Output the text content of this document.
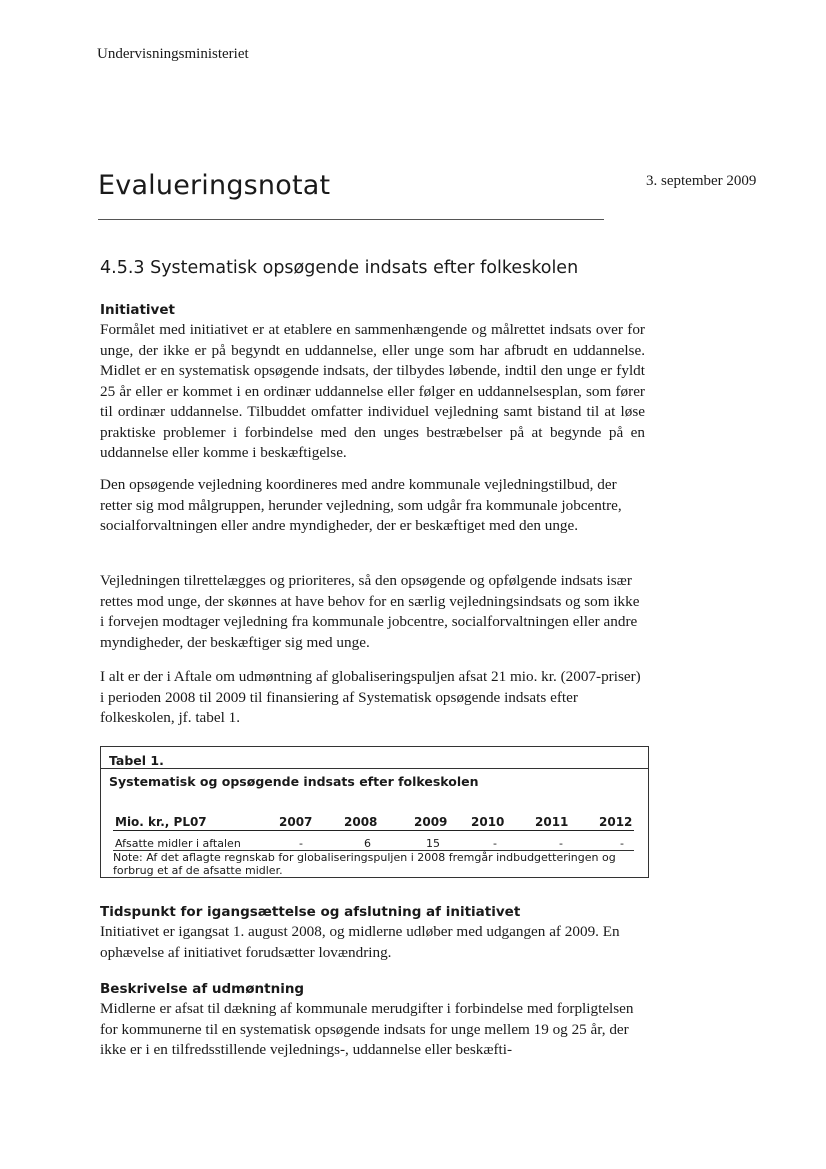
Undervisningsministeriet
Evalueringsnotat	3. september 2009
4.5.3 Systematisk opsøgende indsats efter folkeskolen
Initiativet

Formålet med initiativet er at etablere en sammenhængende og målrettet indsats over for unge, der ikke er på begyndt en uddannelse, eller unge som har afbrudt en uddannelse. Midlet er en systematisk opsøgende indsats, der tilbydes løbende, indtil den unge er fyldt 25 år eller er kommet i en ordinær uddannelse eller følger en uddannelsesplan, som fører til ordinær uddannelse. Tilbuddet omfatter individuel vejledning samt bistand til at løse praktiske problemer i forbindelse med den unges bestræbelser på at begynde på en uddannelse eller komme i beskæftigelse.

Den opsøgende vejledning koordineres med andre kommunale vejledningstilbud, der retter sig mod målgruppen, herunder vejledning, som udgår fra kommunale jobcentre, socialforvaltningen eller andre myndigheder, der er beskæftiget med den unge.

Vejledningen tilrettelægges og prioriteres, så den opsøgende og opfølgende indsats især rettes mod unge, der skønnes at have behov for en særlig vejledningsindsats og som ikke i forvejen modtager vejledning fra kommunale jobcentre, socialforvaltningen eller andre myndigheder, der beskæftiger sig med unge.

I alt er der i Aftale om udmøntning af globaliseringspuljen afsat 21 mio. kr. (2007-priser) i perioden 2008 til 2009 til finansiering af Systematisk opsøgende indsats efter folkeskolen, jf. tabel 1.

Tabel 1.
Systematisk og opsøgende indsats efter folkeskolen
Mio. kr., PL07	2007	2008	2009 2010	2011	2012
Afsatte midler i aftalen	-	6	15	-	-	-
Note: Af det aflagte regnskab for globaliseringspuljen i 2008 fremgår indbudgetteringen og forbrug et af de afsatte midler.
Tidspunkt for igangsættelse og afslutning af initiativet

Initiativet er igangsat 1. august 2008, og midlerne udløber med udgangen af 2009. En ophævelse af initiativet forudsætter lovændring.

Beskrivelse af udmøntning

Midlerne er afsat til dækning af kommunale merudgifter i forbindelse med forpligtelsen for kommunerne til en systematisk opsøgende indsats for unge mellem 19 og 25 år, der ikke er i en tilfredsstillende vejlednings-, uddannelse eller beskæfti-
